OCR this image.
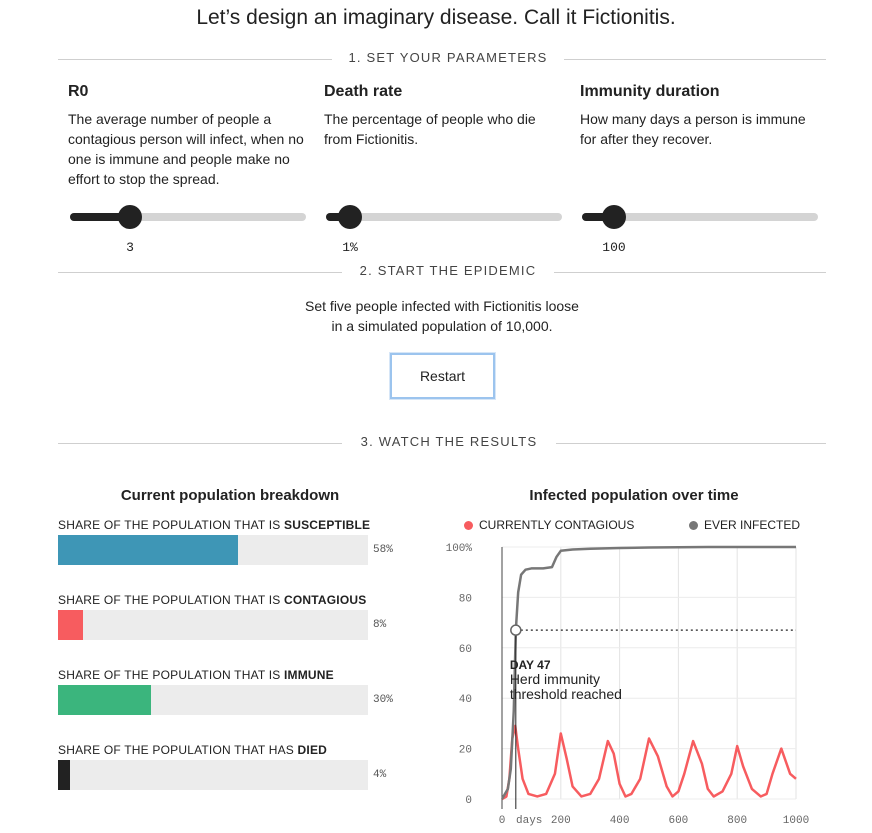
Let’s design an imaginary disease. Call it Fictionitis.
1. SET YOUR PARAMETERS
R0
The average number of people a contagious person will infect, when no one is immune and people make no effort to stop the spread.
3
Death rate
The percentage of people who die from Fictionitis.
1%
Immunity duration
How many days a person is immune for after they recover.
100
2. START THE EPIDEMIC
Set five people infected with Fictionitis loose
in a simulated population of 10,000.
Restart
3. WATCH THE RESULTS
Current population breakdown
SHARE OF THE POPULATION THAT IS SUSCEPTIBLE
58%
SHARE OF THE POPULATION THAT IS CONTAGIOUS
8%
SHARE OF THE POPULATION THAT IS IMMUNE
30%
SHARE OF THE POPULATION THAT HAS DIED
4%
Infected population over time
CURRENTLY CONTAGIOUS	EVER INFECTED
0
20
40
60
80
100%
0	200	400	600	800	1000
days
DAY 47
Herd immunity
threshold reached
